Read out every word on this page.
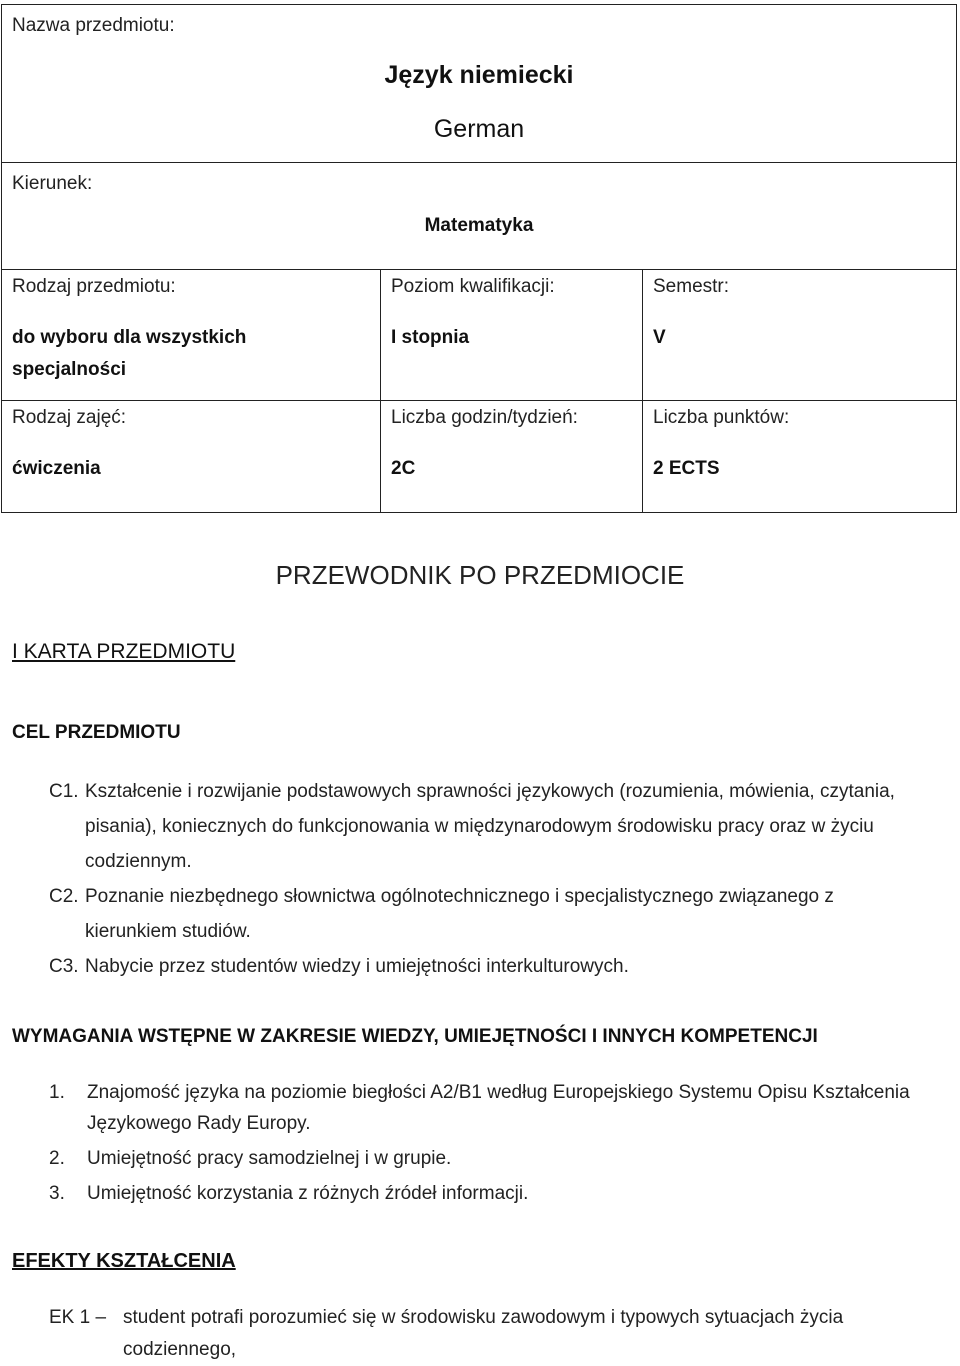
Nazwa przedmiotu:
Język niemiecki
German
Kierunek:
Matematyka
Rodzaj przedmiotu:
do wyboru dla wszystkich specjalności
Poziom kwalifikacji:
I stopnia
Semestr:
V
Rodzaj zajęć:
ćwiczenia
Liczba godzin/tydzień:
2C
Liczba punktów:
2 ECTS
PRZEWODNIK PO PRZEDMIOCIE
I KARTA PRZEDMIOTU
CEL PRZEDMIOTU
C1. Kształcenie i rozwijanie podstawowych sprawności językowych (rozumienia, mówienia, czytania, pisania), koniecznych do funkcjonowania w międzynarodowym środowisku pracy oraz w życiu codziennym.
C2. Poznanie niezbędnego słownictwa ogólnotechnicznego i specjalistycznego związanego z kierunkiem studiów.
C3. Nabycie przez studentów wiedzy i umiejętności interkulturowych.
WYMAGANIA WSTĘPNE W ZAKRESIE WIEDZY, UMIEJĘTNOŚCI I INNYCH KOMPETENCJI
1. Znajomość języka na poziomie biegłości A2/B1 według Europejskiego Systemu Opisu Kształcenia Językowego Rady Europy.
2. Umiejętność pracy samodzielnej i w grupie.
3. Umiejętność korzystania z różnych źródeł informacji.
EFEKTY KSZTAŁCENIA
EK 1 – student potrafi porozumieć się w środowisku zawodowym i typowych sytuacjach życia codziennego,
